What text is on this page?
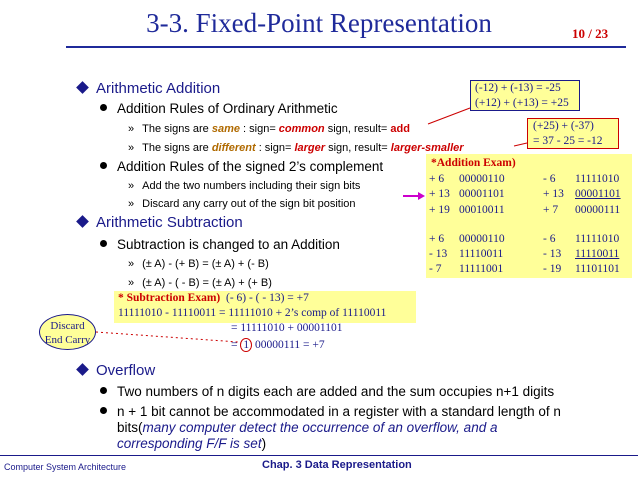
3-3. Fixed-Point Representation	10 / 23
Arithmetic Addition
Addition Rules of Ordinary Arithmetic
» The signs are same : sign= common sign, result= add
» The signs are different : sign= larger sign, result= larger-smaller
Addition Rules of the signed 2’s complement
» Add the two numbers including their sign bits
» Discard any carry out of the sign bit position
Arithmetic Subtraction
Subtraction is changed to an Addition
» (± A) - (+ B) = (± A) + (- B)
» (± A) - ( - B) = (± A) + (+ B)
* Subtraction Exam) (- 6) - ( - 13) = +7
11111010 - 11110011 = 11111010 + 2’s comp of 11110011
= 11111010 + 00001101
= 1 00000111 = +7
Discard
End Carry
(-12) + (-13) = -25
(+12) + (+13) = +25
(+25) + (-37)
= 37 - 25 = -12
*Addition Exam)
+ 6 00000110	- 6 11111010
+ 13 00001101	+ 13 00001101
+ 19 00010011	+ 7 00000111
+ 6 00000110	- 6 11111010
- 13 11110011	- 13 11110011
- 7 11111001	- 19 11101101
Overflow
Two numbers of n digits each are added and the sum occupies n+1 digits
n + 1 bit cannot be accommodated in a register with a standard length of n
bits(many computer detect the occurrence of an overflow, and a
corresponding F/F is set)
Computer System Architecture	Chap. 3 Data Representation
